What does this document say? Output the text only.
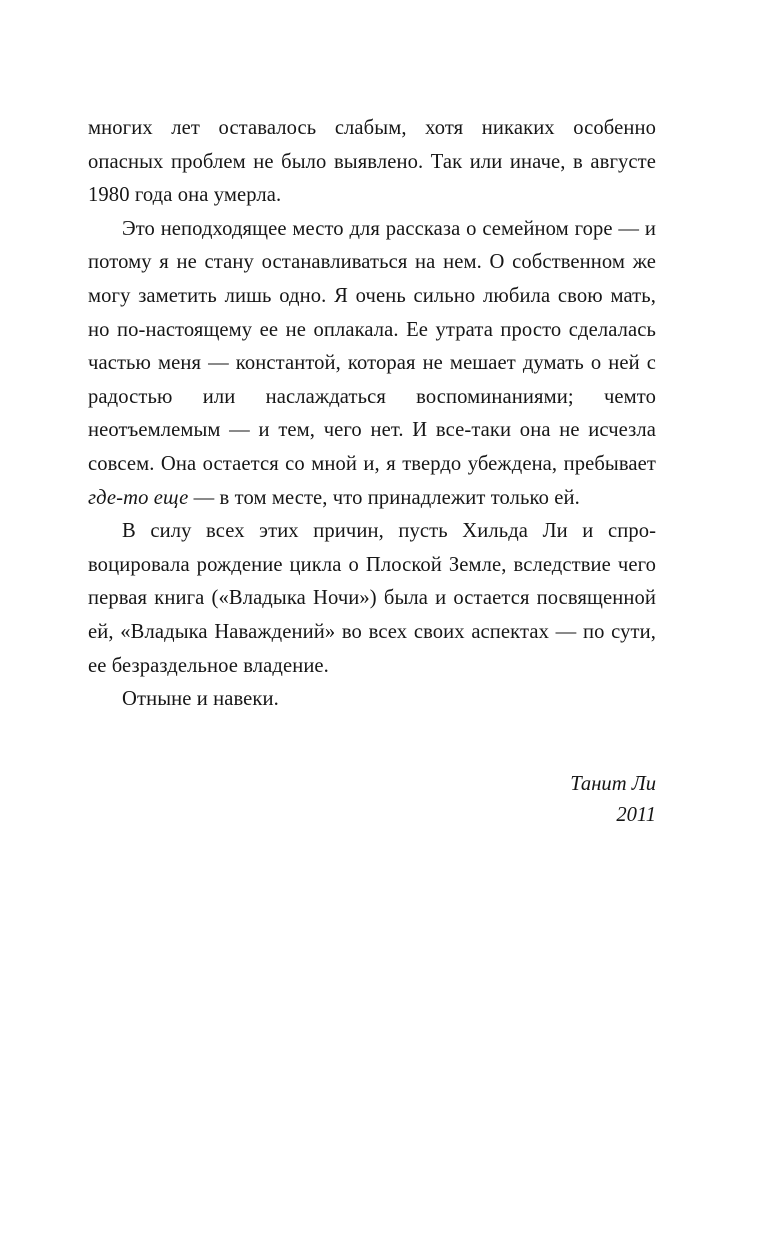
многих лет оставалось слабым, хотя никаких особенно опасных проблем не было выявлено. Так или иначе, в августе 1980 года она умерла.

Это неподходящее место для рассказа о семейном горе — и потому я не стану останавливаться на нем. О собственном же могу заметить лишь одно. Я очень сильно любила свою мать, но по-настоящему ее не оплакала. Ее утрата просто сделалась частью меня — константой, которая не мешает думать о ней с радостью или наслаждаться воспоминаниями; чемто неотъемлемым — и тем, чего нет. И все-таки она не исчезла совсем. Она остается со мной и, я твердо убеждена, пребывает где-то еще — в том месте, что принадлежит только ей.

В силу всех этих причин, пусть Хильда Ли и спровоцировала рождение цикла о Плоской Земле, вследствие чего первая книга («Владыка Ночи») была и остается посвященной ей, «Владыка Наваждений» во всех своих аспектах — по сути, ее безраздельное владение.

Отныне и навеки.

Танит Ли
2011
